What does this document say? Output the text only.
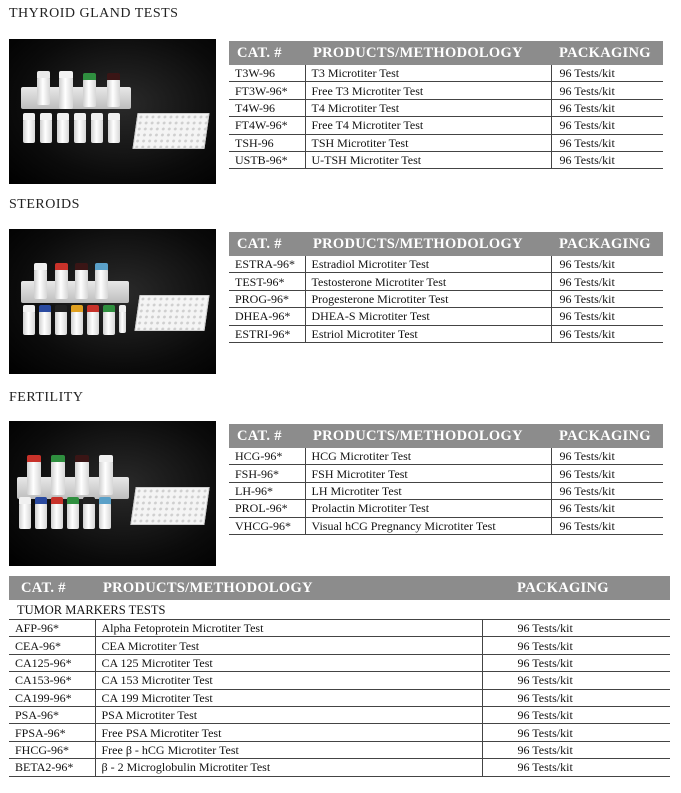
THYROID GLAND TESTS
STEROIDS
FERTILITY
CAT. #	PRODUCTS/METHODOLOGY	PACKAGING
T3W-96	T3 Microtiter Test	96 Tests/kit
FT3W-96*	Free T3 Microtiter Test	96 Tests/kit
T4W-96	T4 Microtiter Test	96 Tests/kit
FT4W-96*	Free T4 Microtiter Test	96 Tests/kit
TSH-96	TSH Microtiter Test	96 Tests/kit
USTB-96*	U-TSH Microtiter Test	96 Tests/kit
CAT. #	PRODUCTS/METHODOLOGY	PACKAGING
ESTRA-96*	Estradiol Microtiter Test	96 Tests/kit
TEST-96*	Testosterone Microtiter Test	96 Tests/kit
PROG-96*	Progesterone Microtiter Test	96 Tests/kit
DHEA-96*	DHEA-S Microtiter Test	96 Tests/kit
ESTRI-96*	Estriol Microtiter Test	96 Tests/kit
CAT. #	PRODUCTS/METHODOLOGY	PACKAGING
HCG-96*	HCG Microtiter Test	96 Tests/kit
FSH-96*	FSH Microtiter Test	96 Tests/kit
LH-96*	LH Microtiter Test	96 Tests/kit
PROL-96*	Prolactin Microtiter Test	96 Tests/kit
VHCG-96*	Visual hCG Pregnancy Microtiter Test	96 Tests/kit
CAT. #	PRODUCTS/METHODOLOGY	PACKAGING
TUMOR MARKERS TESTS		
AFP-96*	Alpha Fetoprotein Microtiter Test	96 Tests/kit
CEA-96*	CEA Microtiter Test	96 Tests/kit
CA125-96*	CA 125 Microtiter Test	96 Tests/kit
CA153-96*	CA 153 Microtiter Test	96 Tests/kit
CA199-96*	CA 199 Microtiter Test	96 Tests/kit
PSA-96*	PSA Microtiter Test	96 Tests/kit
FPSA-96*	Free PSA Microtiter Test	96 Tests/kit
FHCG-96*	Free β - hCG Microtiter Test	96 Tests/kit
BETA2-96*	β - 2 Microglobulin Microtiter Test	96 Tests/kit
